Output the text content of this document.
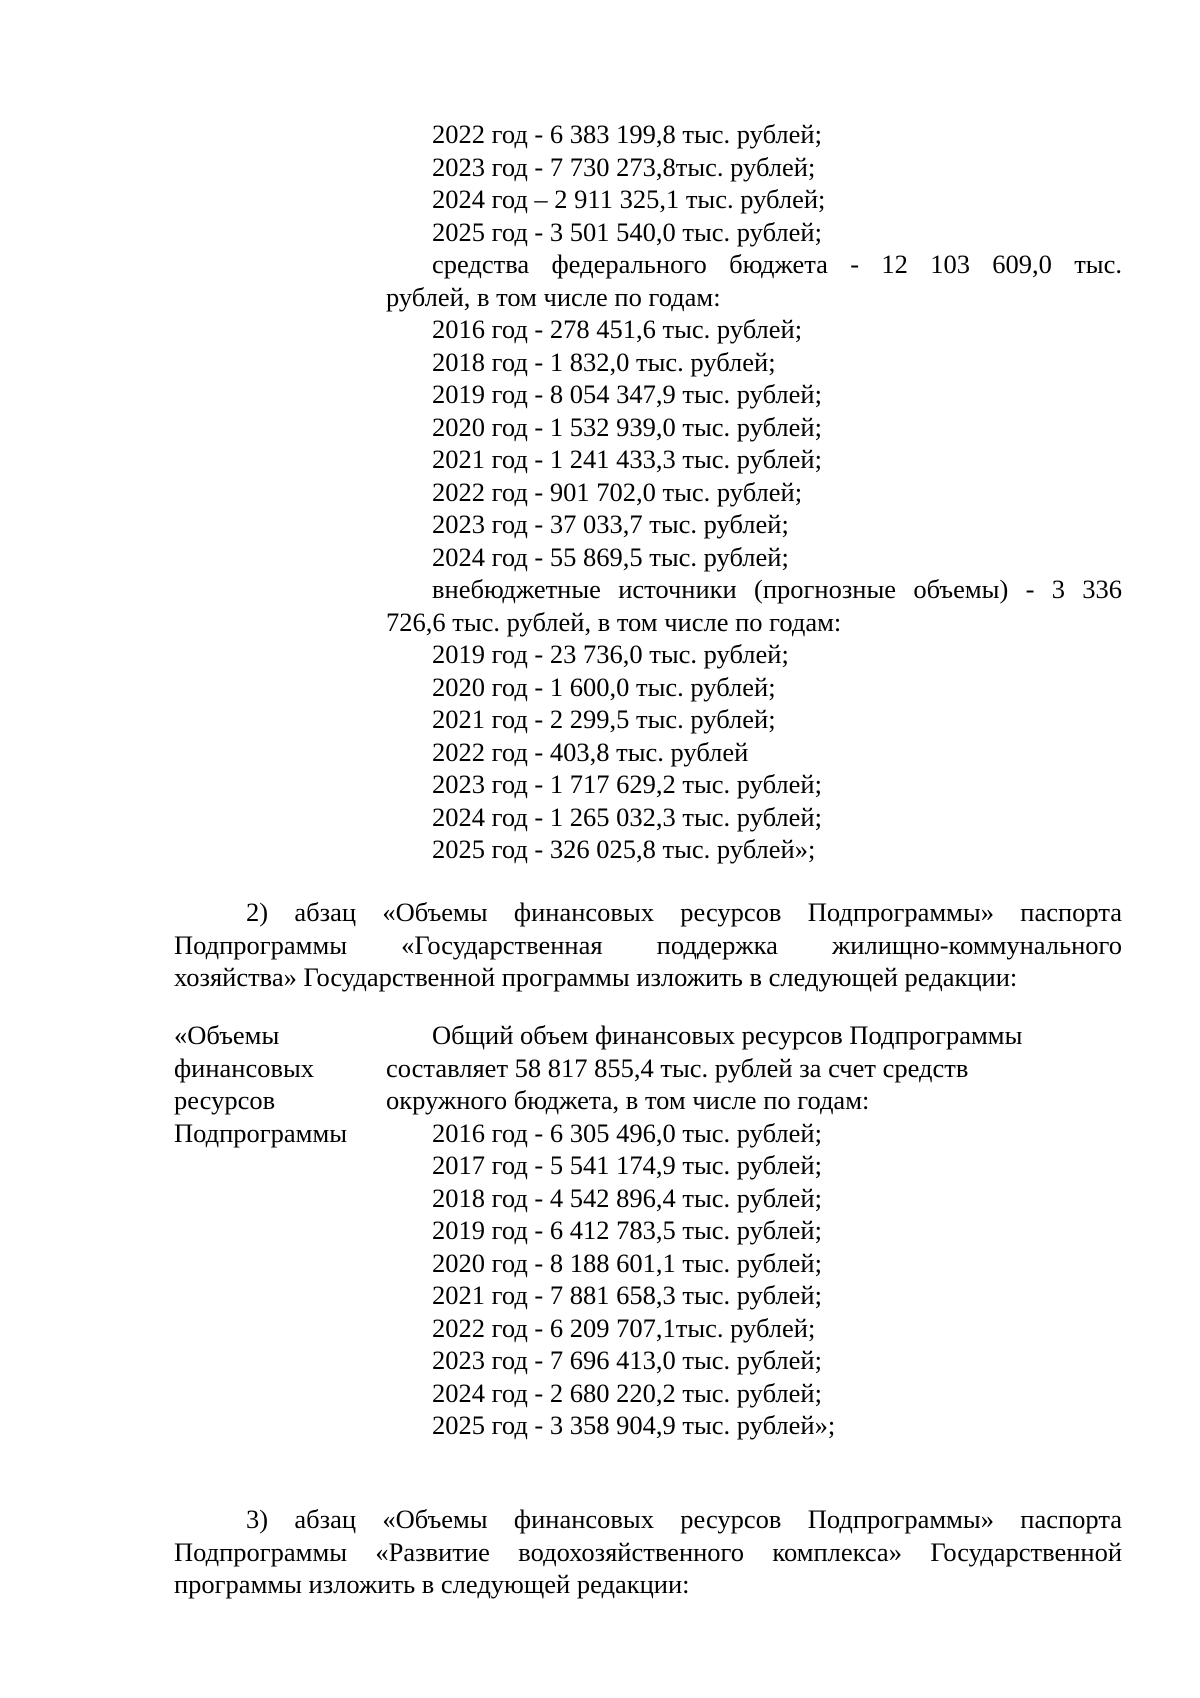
2022 год - 6 383 199,8 тыс. рублей;
2023 год - 7 730 273,8тыс. рублей;
2024 год – 2 911 325,1 тыс. рублей;
2025 год - 3 501 540,0 тыс. рублей;
средства федерального бюджета - 12 103 609,0 тыс.
рублей, в том числе по годам:
2016 год - 278 451,6 тыс. рублей;
2018 год - 1 832,0 тыс. рублей;
2019 год - 8 054 347,9 тыс. рублей;
2020 год - 1 532 939,0 тыс. рублей;
2021 год - 1 241 433,3 тыс. рублей;
2022 год - 901 702,0 тыс. рублей;
2023 год - 37 033,7 тыс. рублей;
2024 год - 55 869,5 тыс. рублей;
внебюджетные источники (прогнозные объемы) - 3 336
726,6 тыс. рублей, в том числе по годам:
2019 год - 23 736,0 тыс. рублей;
2020 год - 1 600,0 тыс. рублей;
2021 год - 2 299,5 тыс. рублей;
2022 год - 403,8 тыс. рублей
2023 год - 1 717 629,2 тыс. рублей;
2024 год - 1 265 032,3 тыс. рублей;
2025 год - 326 025,8 тыс. рублей»;
2) абзац «Объемы финансовых ресурсов Подпрограммы» паспорта
Подпрограммы «Государственная поддержка жилищно-коммунального
хозяйства» Государственной программы изложить в следующей редакции:
«Объемы
финансовых
ресурсов
Подпрограммы
Общий объем финансовых ресурсов Подпрограммы
составляет 58 817 855,4 тыс. рублей за счет средств
окружного бюджета, в том числе по годам:
2016 год - 6 305 496,0 тыс. рублей;
2017 год - 5 541 174,9 тыс. рублей;
2018 год - 4 542 896,4 тыс. рублей;
2019 год - 6 412 783,5 тыс. рублей;
2020 год - 8 188 601,1 тыс. рублей;
2021 год - 7 881 658,3 тыс. рублей;
2022 год - 6 209 707,1тыс. рублей;
2023 год - 7 696 413,0 тыс. рублей;
2024 год - 2 680 220,2 тыс. рублей;
2025 год - 3 358 904,9 тыс. рублей»;
3) абзац «Объемы финансовых ресурсов Подпрограммы» паспорта
Подпрограммы «Развитие водохозяйственного комплекса» Государственной
программы изложить в следующей редакции:
